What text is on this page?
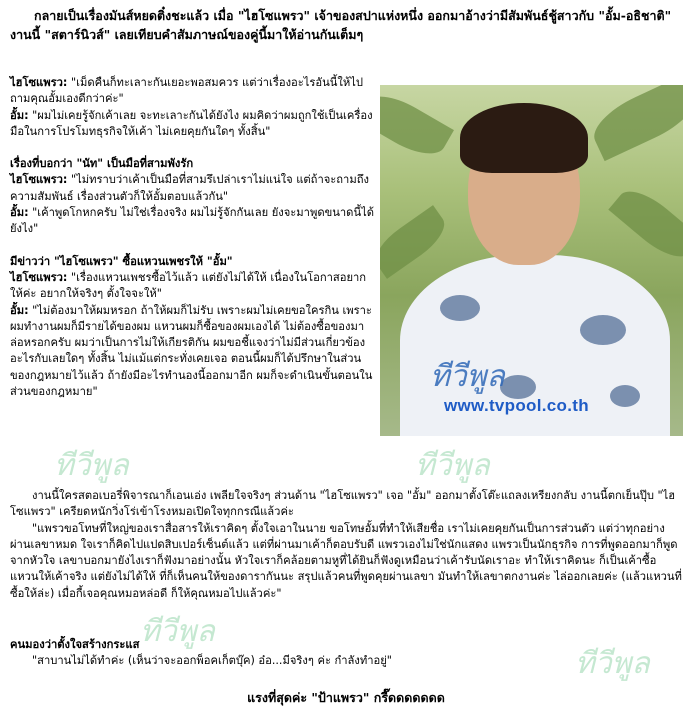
กลายเป็นเรื่องมันส์หยดติ๋งชะแล้ว เมื่อ "ไฮโซแพรว" เจ้าของสปาแห่งหนึ่ง ออกมาอ้างว่ามีสัมพันธ์ชู้สาวกับ "อั้ม-อธิชาติ" งานนี้ "สตาร์นิวส์" เลยเทียบคำสัมภาษณ์ของคู่นี้มาให้อ่านกันเต็มๆ

ไฮโซแพรว: "เม็ดคืนก็ทะเลาะกันเยอะพอสมควร แต่ว่าเรื่องอะไรอันนี้ให้ไปถามคุณอั้มเองดีกว่าค่ะ"

อั้ม: "ผมไม่เคยรู้จักเค้าเลย จะทะเลาะกันได้ยังไง ผมคิดว่าผมถูกใช้เป็นเครื่องมือในการโปรโมทธุรกิจให้เค้า ไม่เคยคุยกันใดๆ ทั้งสิ้น"

เรื่องที่บอกว่า "นัท" เป็นมือที่สามพังรัก

ไฮโซแพรว: "ไม่ทราบว่าเค้าเป็นมือที่สามรึเปล่าเราไม่แน่ใจ แต่ถ้าจะถามถึงความสัมพันธ์ เรื่องส่วนตัวก็ให้อั้มตอบแล้วกัน"

อั้ม: "เค้าพูดโกหกครับ ไม่ใช่เรื่องจริง ผมไม่รู้จักกันเลย ยังจะมาพูดขนาดนี้ได้ยังไง"

มีข่าวว่า "ไฮโซแพรว" ซื้อแหวนเพชรให้ "อั้ม"

ไฮโซแพรว: "เรื่องแหวนเพชรซื้อไว้แล้ว แต่ยังไม่ได้ให้ เนื่องในโอกาสอยากให้ค่ะ อยากให้จริงๆ ตั้งใจจะให้"

อั้ม: "ไม่ต้องมาให้ผมหรอก ถ้าให้ผมก็ไม่รับ เพราะผมไม่เคยขอใครกิน เพราะผมทำงานผมก็มีรายได้ของผม แหวนผมก็ซื้อของผมเองได้ ไม่ต้องซื้อของมาล่อหรอกครับ ผมว่าเป็นการไม่ให้เกียรติกัน ผมขอชี้แจงว่าไม่มีส่วนเกี่ยวข้องอะไรกับเลยใดๆ ทั้งสิ้น ไม่แม้แต่กระทั่งเคยเจอ ตอนนี้ผมก็ได้ปรึกษาในส่วนของกฎหมายไว้แล้ว ถ้ายังมีอะไรทำนองนี้ออกมาอีก ผมก็จะดำเนินขั้นตอนในส่วนของกฎหมาย"	ทีวีพูล
www.tvpool.co.th
ทีวีพูล	ทีวีพูล
ทีวีพูล
ทีวีพูล

งานนี้ใครสตอเบอรี่พิจารณาก็เอนเอ่ง เพลียใจจริงๆ ส่วนด้าน "ไฮโซแพรว" เจอ "อั้ม" ออกมาตั้งโต๊ะแถลงเหรียงกลับ งานนี้ตกเย็นปุ๊บ "ไฮโซแพรว" เครียดหนักวิ่งโร่เข้าโรงหมอเปิดใจทุกกรณีแล้วค่ะ

"แพรวขอโทษที่ใหญ่ของเราสื่อสารให้เราคิดๆ ตั้งใจเอาในนาย ขอโทษอั้มที่ทำให้เสียชื่อ เราไม่เคยคุยกันเป็นการส่วนตัว แต่ว่าทุกอย่างผ่านเลขาหมด ใจเราก็คิดไปแปดสิบเปอร์เซ็นต์แล้ว แต่ที่ผ่านมาเค้าก็ตอบรับดี แพรวเองไม่ใช่นักแสดง แพรวเป็นนักธุรกิจ การที่พูดออกมาก็พูดจากหัวใจ เลขาบอกมายังไงเราก็ฟังมาอย่างนั้น หัวใจเราก็คล้อยตามหูที่ได้ยินก็ฟังดูเหมือนว่าเค้ารับนัดเราอะ ทำให้เราคิดนะ ก็เป็นเค้าซื้อแหวนให้เค้าจริง แต่ยังไม่ได้ให้ ที่ก็เห็นคนให้ของดารากันนะ สรุปแล้วคนที่พูดคุยผ่านเลขา มันทำให้เลขาตกงานค่ะ ไล่ออกเลยค่ะ (แล้วแหวนที่ซื้อให้ล่ะ) เมื่อกี้เจอคุณหมอหล่อดี ก็ให้คุณหมอไปแล้วค่ะ"

คนมองว่าตั้งใจสร้างกระแส

"สาบานไม่ได้ทำค่ะ (เห็นว่าจะออกพ็อคเก็ตบุ๊ค) อ๋อ...มีจริงๆ ค่ะ กำลังทำอยู่"

แรงที่สุดค่ะ "ป้าแพรว" กรี๊ดดดดดดด
